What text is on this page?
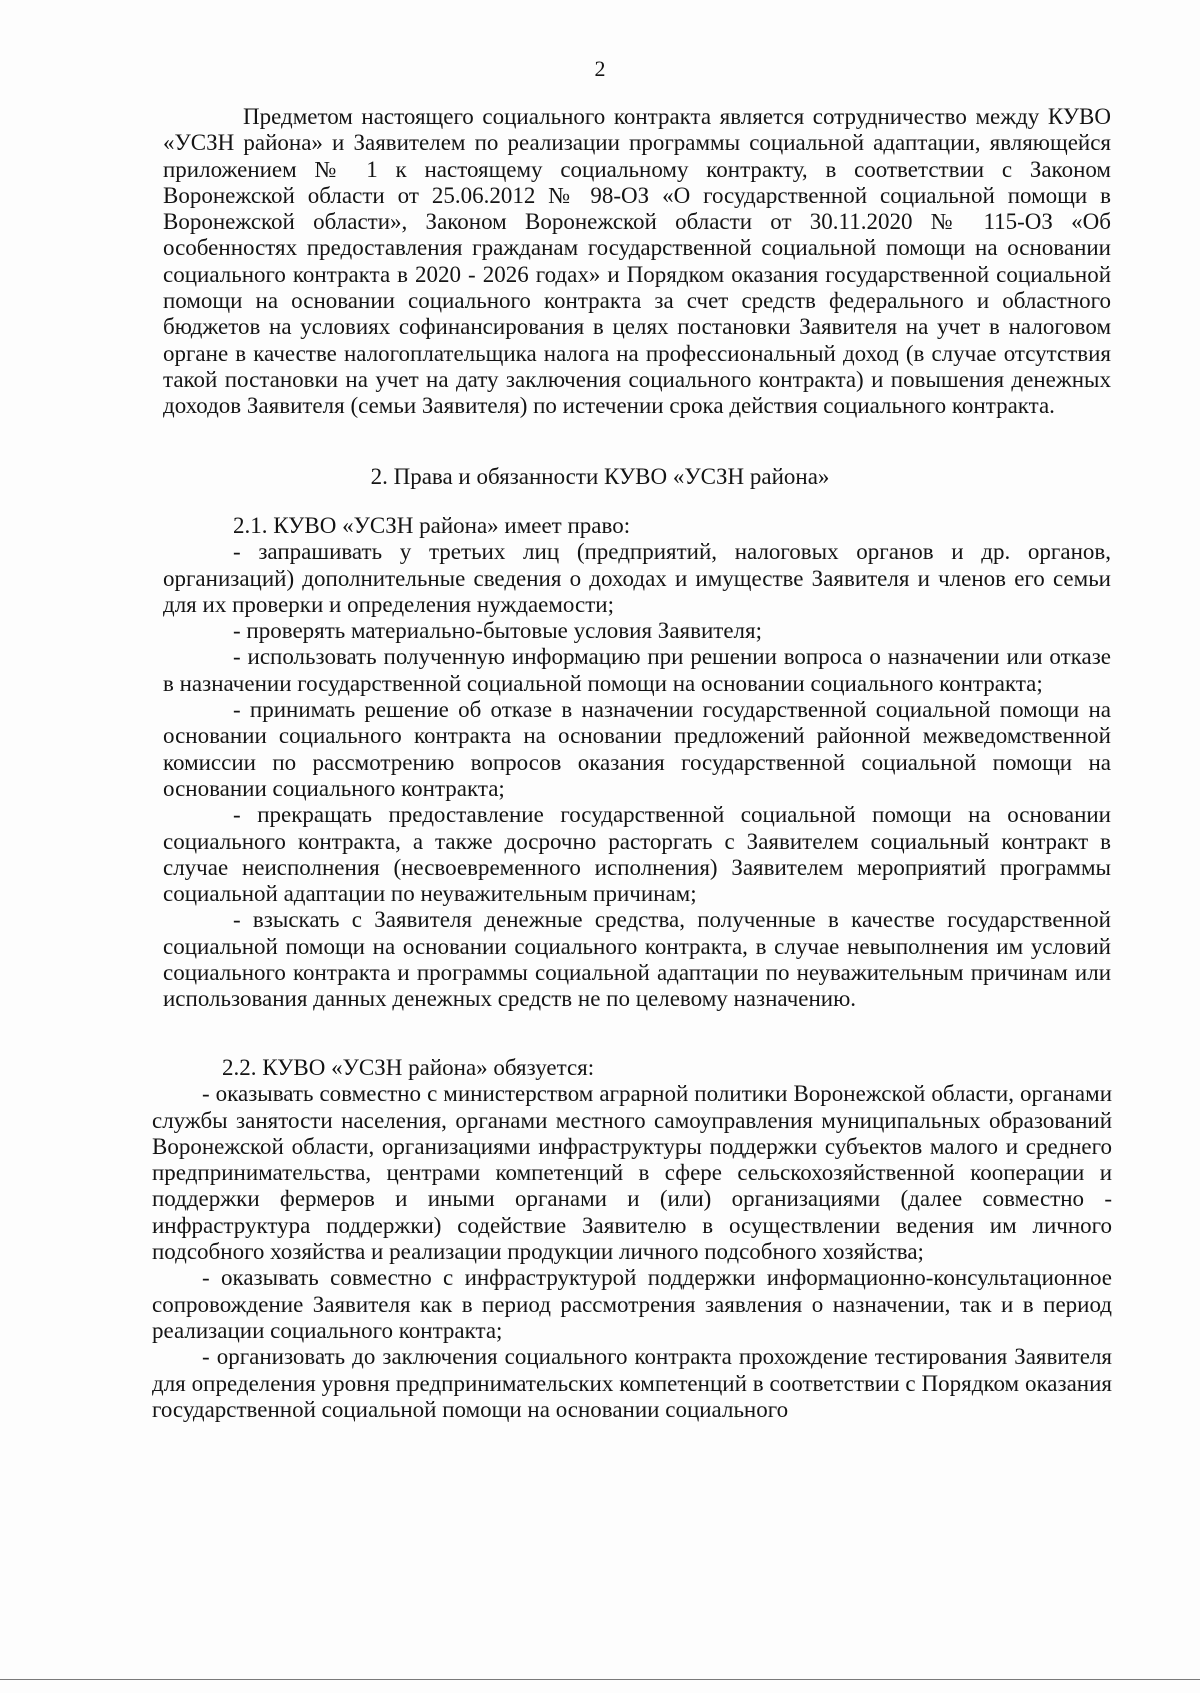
2

Предметом настоящего социального контракта является сотрудничество между КУВО «УСЗН района» и Заявителем по реализации программы социальной адаптации, являющейся приложением № 1 к настоящему социальному контракту, в соответствии с Законом Воронежской области от 25.06.2012 № 98-ОЗ «О государственной социальной помощи в Воронежской области», Законом Воронежской области от 30.11.2020 № 115-ОЗ «Об особенностях предоставления гражданам государственной социальной помощи на основании социального контракта в 2020 - 2026 годах» и Порядком оказания государственной социальной помощи на основании социального контракта за счет средств федерального и областного бюджетов на условиях софинансирования в целях постановки Заявителя на учет в налоговом органе в качестве налогоплательщика налога на профессиональный доход (в случае отсутствия такой постановки на учет на дату заключения социального контракта) и повышения денежных доходов Заявителя (семьи Заявителя) по истечении срока действия социального контракта.

2. Права и обязанности КУВО «УСЗН района»

2.1. КУВО «УСЗН района» имеет право:

- запрашивать у третьих лиц (предприятий, налоговых органов и др. органов, организаций) дополнительные сведения о доходах и имуществе Заявителя и членов его семьи для их проверки и определения нуждаемости;

- проверять материально-бытовые условия Заявителя;

- использовать полученную информацию при решении вопроса о назначении или отказе в назначении государственной социальной помощи на основании социального контракта;

- принимать решение об отказе в назначении государственной социальной помощи на основании социального контракта на основании предложений районной межведомственной комиссии по рассмотрению вопросов оказания государственной социальной помощи на основании социального контракта;

- прекращать предоставление государственной социальной помощи на основании социального контракта, а также досрочно расторгать с Заявителем социальный контракт в случае неисполнения (несвоевременного исполнения) Заявителем мероприятий программы социальной адаптации по неуважительным причинам;

- взыскать с Заявителя денежные средства, полученные в качестве государственной социальной помощи на основании социального контракта, в случае невыполнения им условий социального контракта и программы социальной адаптации по неуважительным причинам или использования данных денежных средств не по целевому назначению.

2.2. КУВО «УСЗН района» обязуется:

- оказывать совместно с министерством аграрной политики Воронежской области, органами службы занятости населения, органами местного самоуправления муниципальных образований Воронежской области, организациями инфраструктуры поддержки субъектов малого и среднего предпринимательства, центрами компетенций в сфере сельскохозяйственной кооперации и поддержки фермеров и иными органами и (или) организациями (далее совместно - инфраструктура поддержки) содействие Заявителю в осуществлении ведения им личного подсобного хозяйства и реализации продукции личного подсобного хозяйства;

- оказывать совместно с инфраструктурой поддержки информационно-консультационное сопровождение Заявителя как в период рассмотрения заявления о назначении, так и в период реализации социального контракта;

- организовать до заключения социального контракта прохождение тестирования Заявителя для определения уровня предпринимательских компетенций в соответствии с Порядком оказания государственной социальной помощи на основании социального
